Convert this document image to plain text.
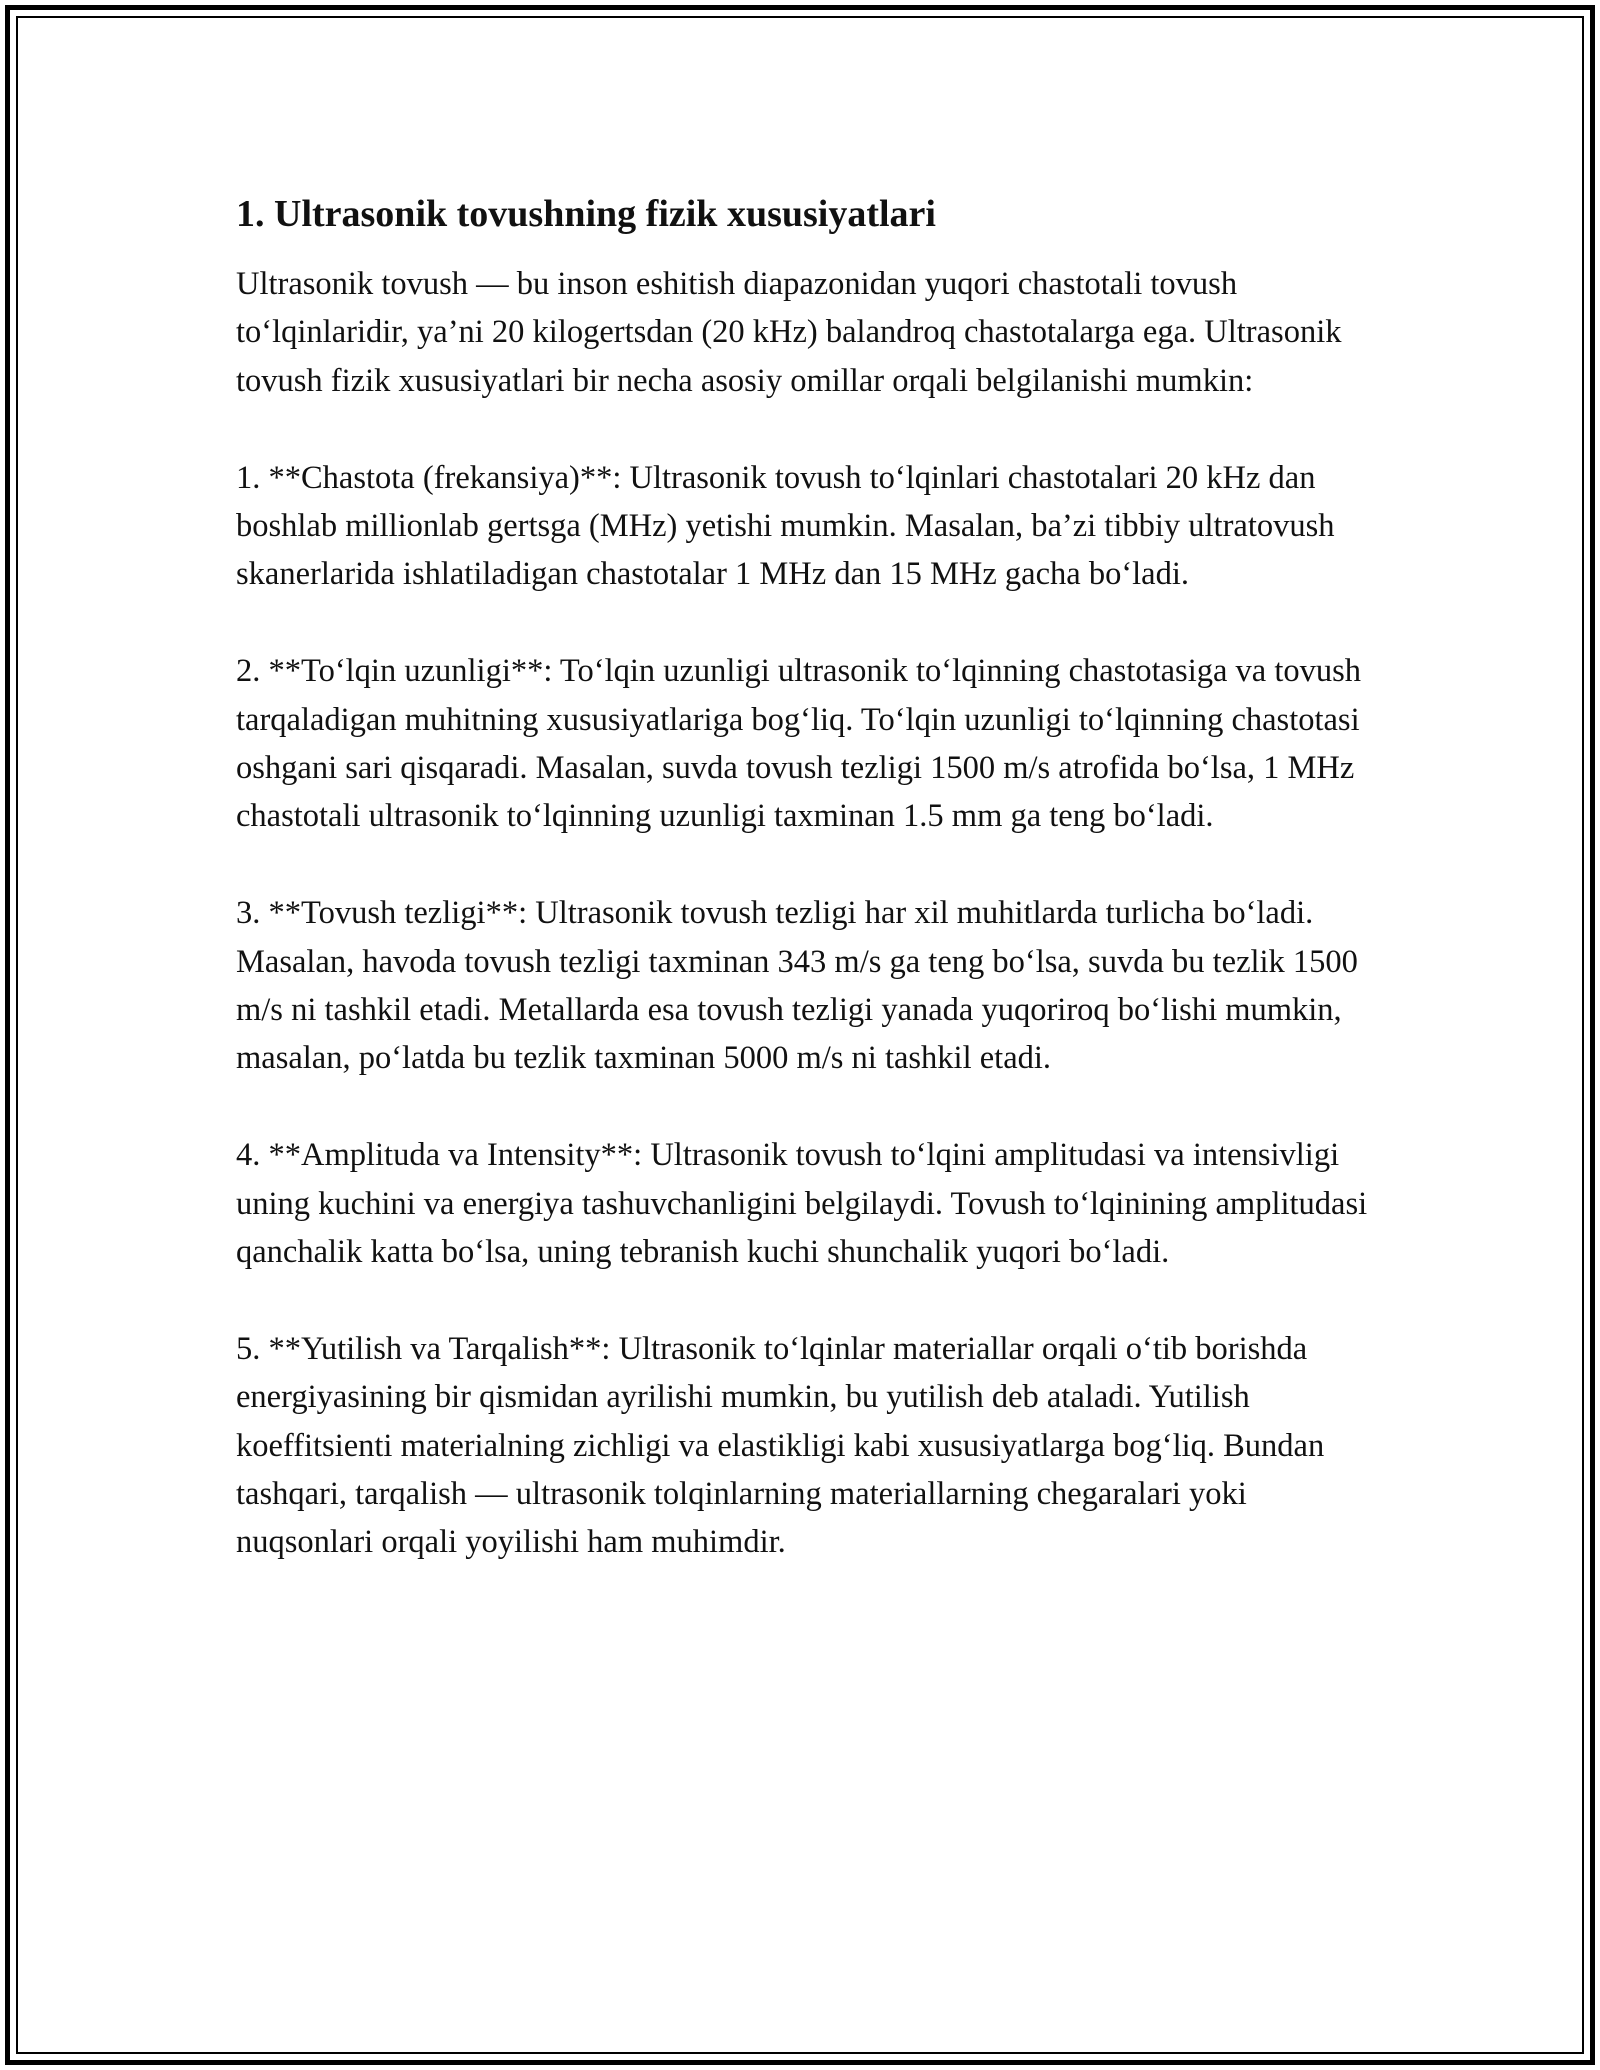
1. Ultrasonik tovushning fizik xususiyatlari

Ultrasonik tovush — bu inson eshitish diapazonidan yuqori chastotali tovush to‘lqinlaridir, ya’ni 20 kilogertsdan (20 kHz) balandroq chastotalarga ega. Ultrasonik tovush fizik xususiyatlari bir necha asosiy omillar orqali belgilanishi mumkin:

1. **Chastota (frekansiya)**: Ultrasonik tovush to‘lqinlari chastotalari 20 kHz dan boshlab millionlab gertsga (MHz) yetishi mumkin. Masalan, ba’zi tibbiy ultratovush skanerlarida ishlatiladigan chastotalar 1 MHz dan 15 MHz gacha bo‘ladi.

2. **To‘lqin uzunligi**: To‘lqin uzunligi ultrasonik to‘lqinning chastotasiga va tovush tarqaladigan muhitning xususiyatlariga bog‘liq. To‘lqin uzunligi to‘lqinning chastotasi oshgani sari qisqaradi. Masalan, suvda tovush tezligi 1500 m/s atrofida bo‘lsa, 1 MHz chastotali ultrasonik to‘lqinning uzunligi taxminan 1.5 mm ga teng bo‘ladi.

3. **Tovush tezligi**: Ultrasonik tovush tezligi har xil muhitlarda turlicha bo‘ladi. Masalan, havoda tovush tezligi taxminan 343 m/s ga teng bo‘lsa, suvda bu tezlik 1500 m/s ni tashkil etadi. Metallarda esa tovush tezligi yanada yuqoriroq bo‘lishi mumkin, masalan, po‘latda bu tezlik taxminan 5000 m/s ni tashkil etadi.

4. **Amplituda va Intensity**: Ultrasonik tovush to‘lqini amplitudasi va intensivligi uning kuchini va energiya tashuvchanligini belgilaydi. Tovush to‘lqinining amplitudasi qanchalik katta bo‘lsa, uning tebranish kuchi shunchalik yuqori bo‘ladi.

5. **Yutilish va Tarqalish**: Ultrasonik to‘lqinlar materiallar orqali o‘tib borishda energiyasining bir qismidan ayrilishi mumkin, bu yutilish deb ataladi. Yutilish koeffitsienti materialning zichligi va elastikligi kabi xususiyatlarga bog‘liq. Bundan tashqari, tarqalish — ultrasonik tolqinlarning materiallarning chegaralari yoki nuqsonlari orqali yoyilishi ham muhimdir.
